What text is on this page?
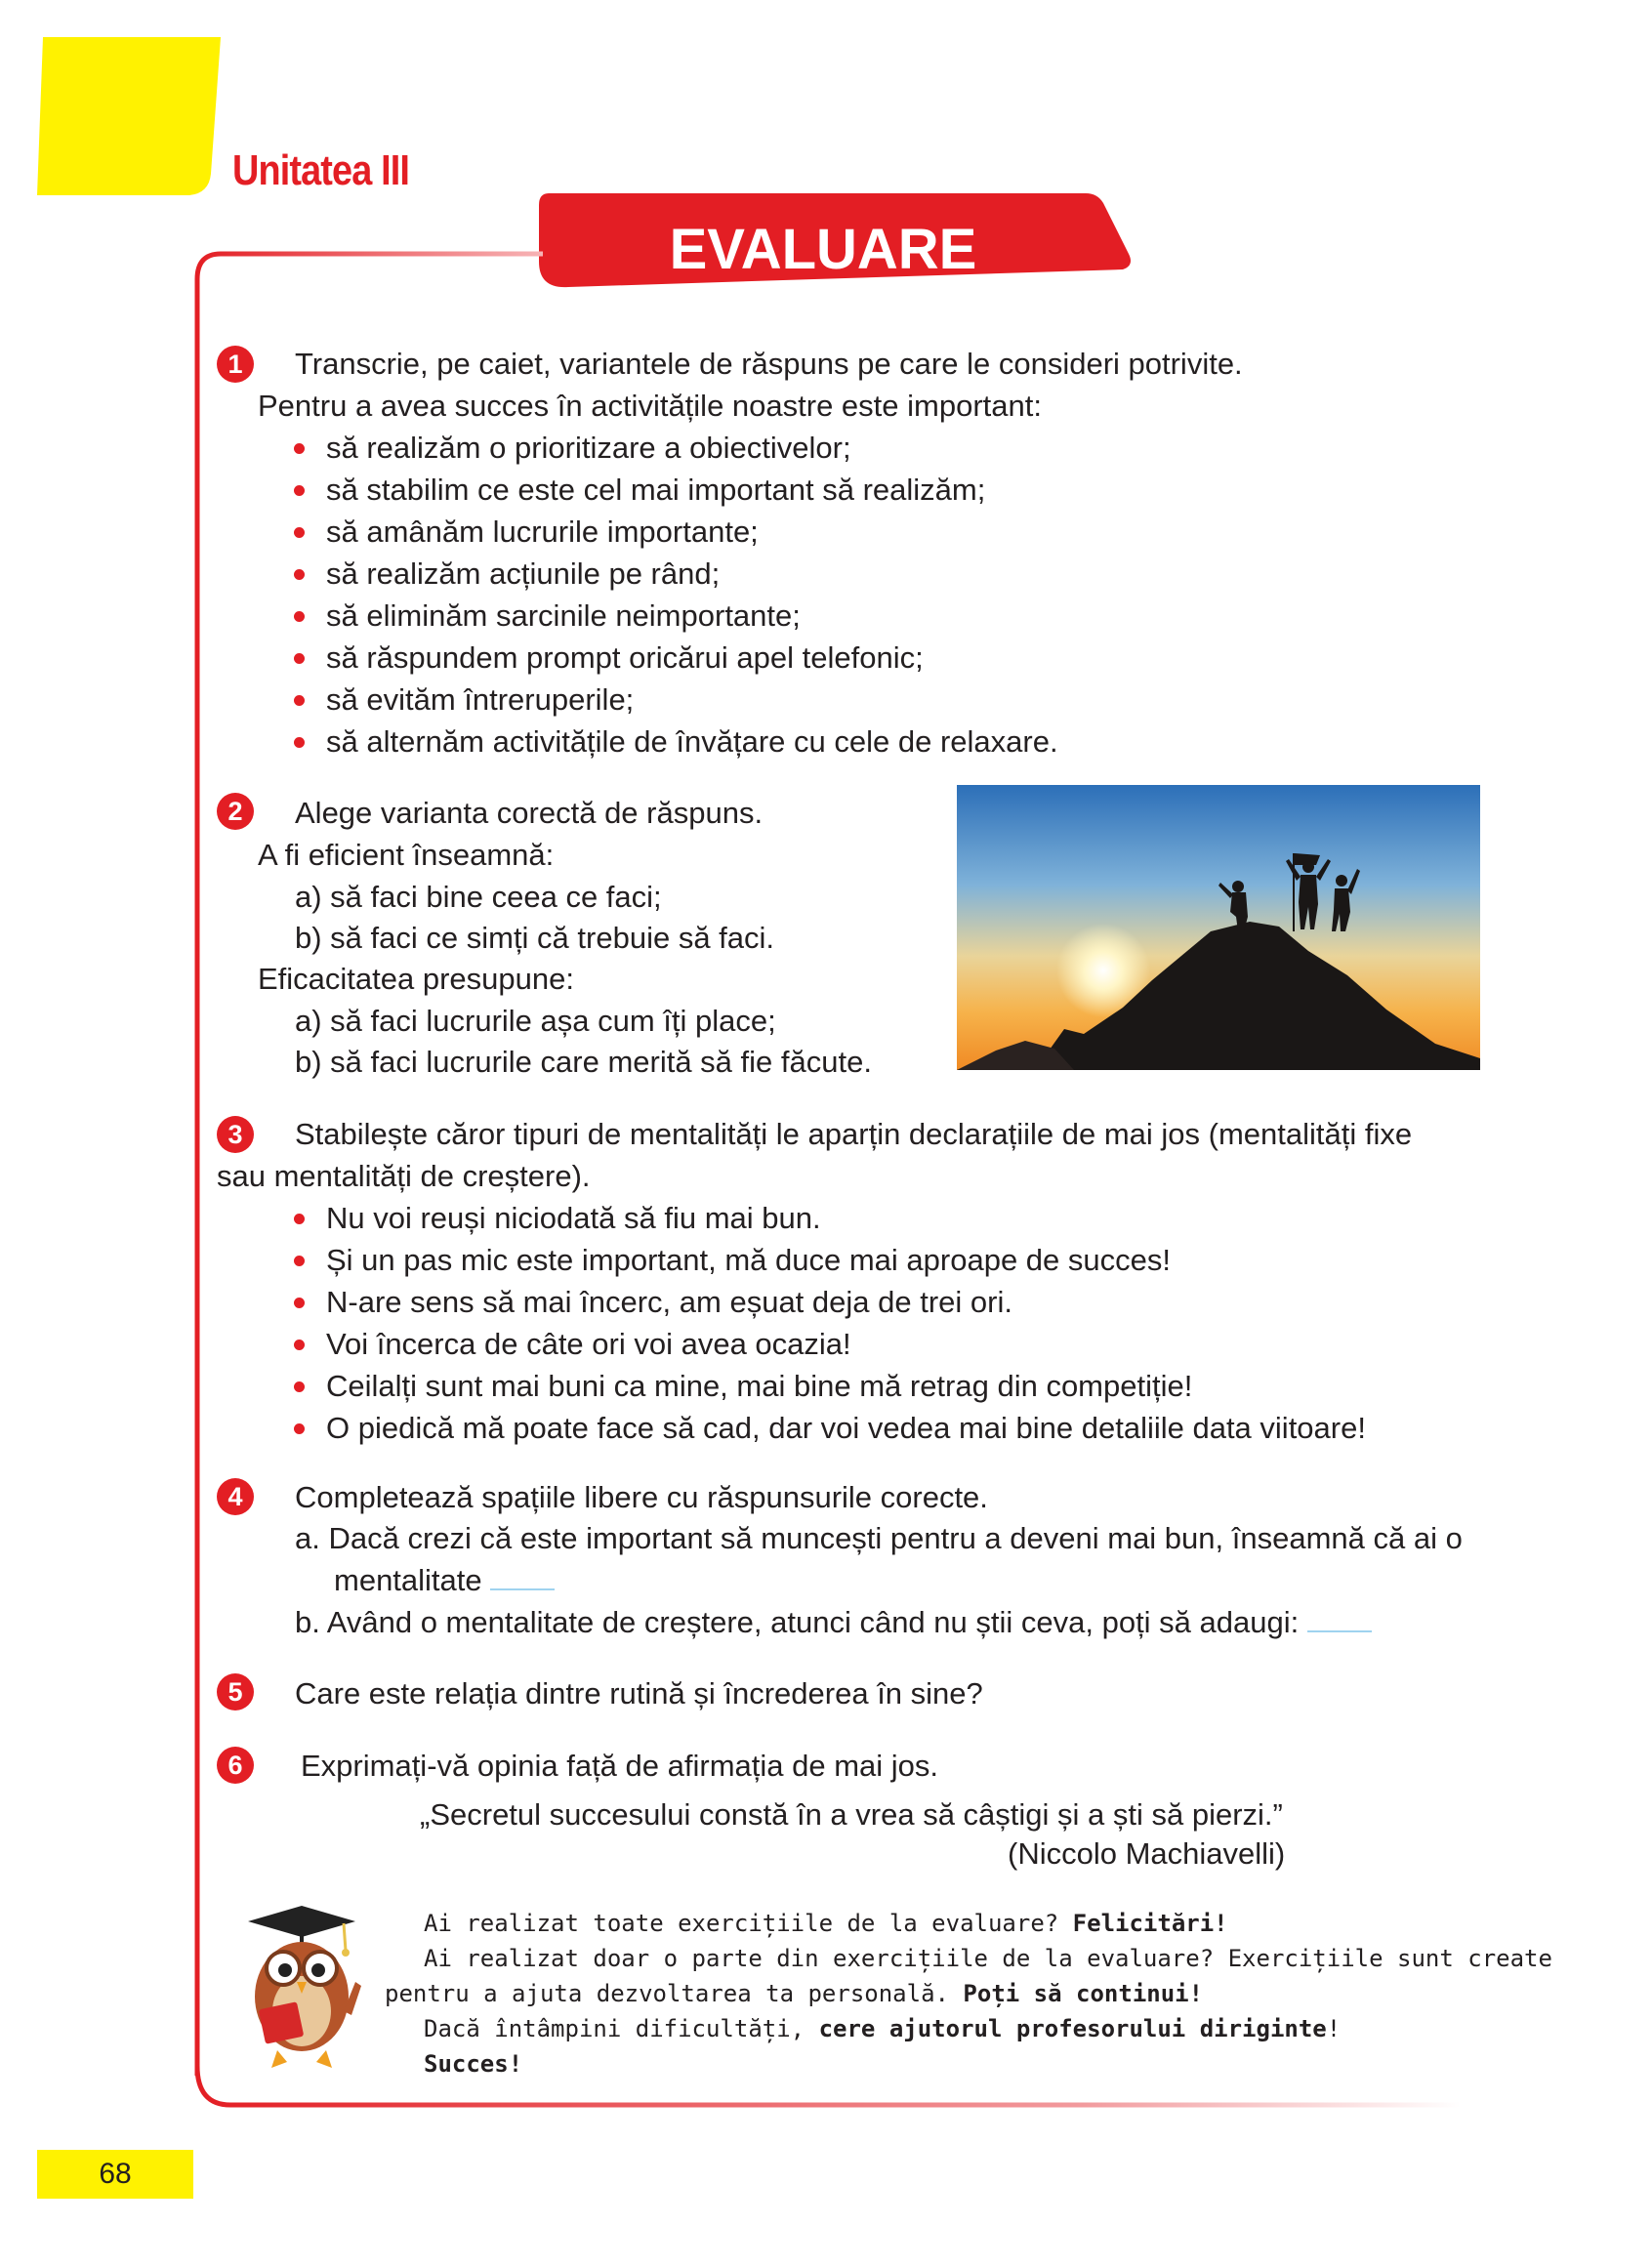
Unitatea III
EVALUARE
1	Transcrie, pe caiet, variantele de răspuns pe care le consideri potrivite.
Pentru a avea succes în activitățile noastre este important:
să realizăm o prioritizare a obiectivelor;
să stabilim ce este cel mai important să realizăm;
să amânăm lucrurile importante;
să realizăm acțiunile pe rând;
să eliminăm sarcinile neimportante;
să răspundem prompt oricărui apel telefonic;
să evităm întreruperile;
să alternăm activitățile de învățare cu cele de relaxare.
2	Alege varianta corectă de răspuns.
A fi eficient înseamnă:
a) să faci bine ceea ce faci;
b) să faci ce simți că trebuie să faci.
Eficacitatea presupune:
a) să faci lucrurile așa cum îți place;
b) să faci lucrurile care merită să fie făcute.
3	Stabilește căror tipuri de mentalități le aparțin declarațiile de mai jos (mentalități fixe
sau mentalități de creștere).
Nu voi reuși niciodată să fiu mai bun.
Și un pas mic este important, mă duce mai aproape de succes!
N-are sens să mai încerc, am eșuat deja de trei ori.
Voi încerca de câte ori voi avea ocazia!
Ceilalți sunt mai buni ca mine, mai bine mă retrag din competiție!
O piedică mă poate face să cad, dar voi vedea mai bine detaliile data viitoare!
4	Completează spațiile libere cu răspunsurile corecte.
a. Dacă crezi că este important să muncești pentru a deveni mai bun, înseamnă că ai o
mentalitate
b. Având o mentalitate de creștere, atunci când nu știi ceva, poți să adaugi:
5	Care este relația dintre rutină și încrederea în sine?
6	Exprimați-vă opinia față de afirmația de mai jos.
„Secretul succesului constă în a vrea să câștigi și a ști să pierzi.”
(Niccolo Machiavelli)
Ai realizat toate exercițiile de la evaluare? Felicitări!
Ai realizat doar o parte din exercițiile de la evaluare? Exercițiile sunt create
pentru a ajuta dezvoltarea ta personală. Poți să continui!
Dacă întâmpini dificultăți, cere ajutorul profesorului diriginte!
Succes!
68
